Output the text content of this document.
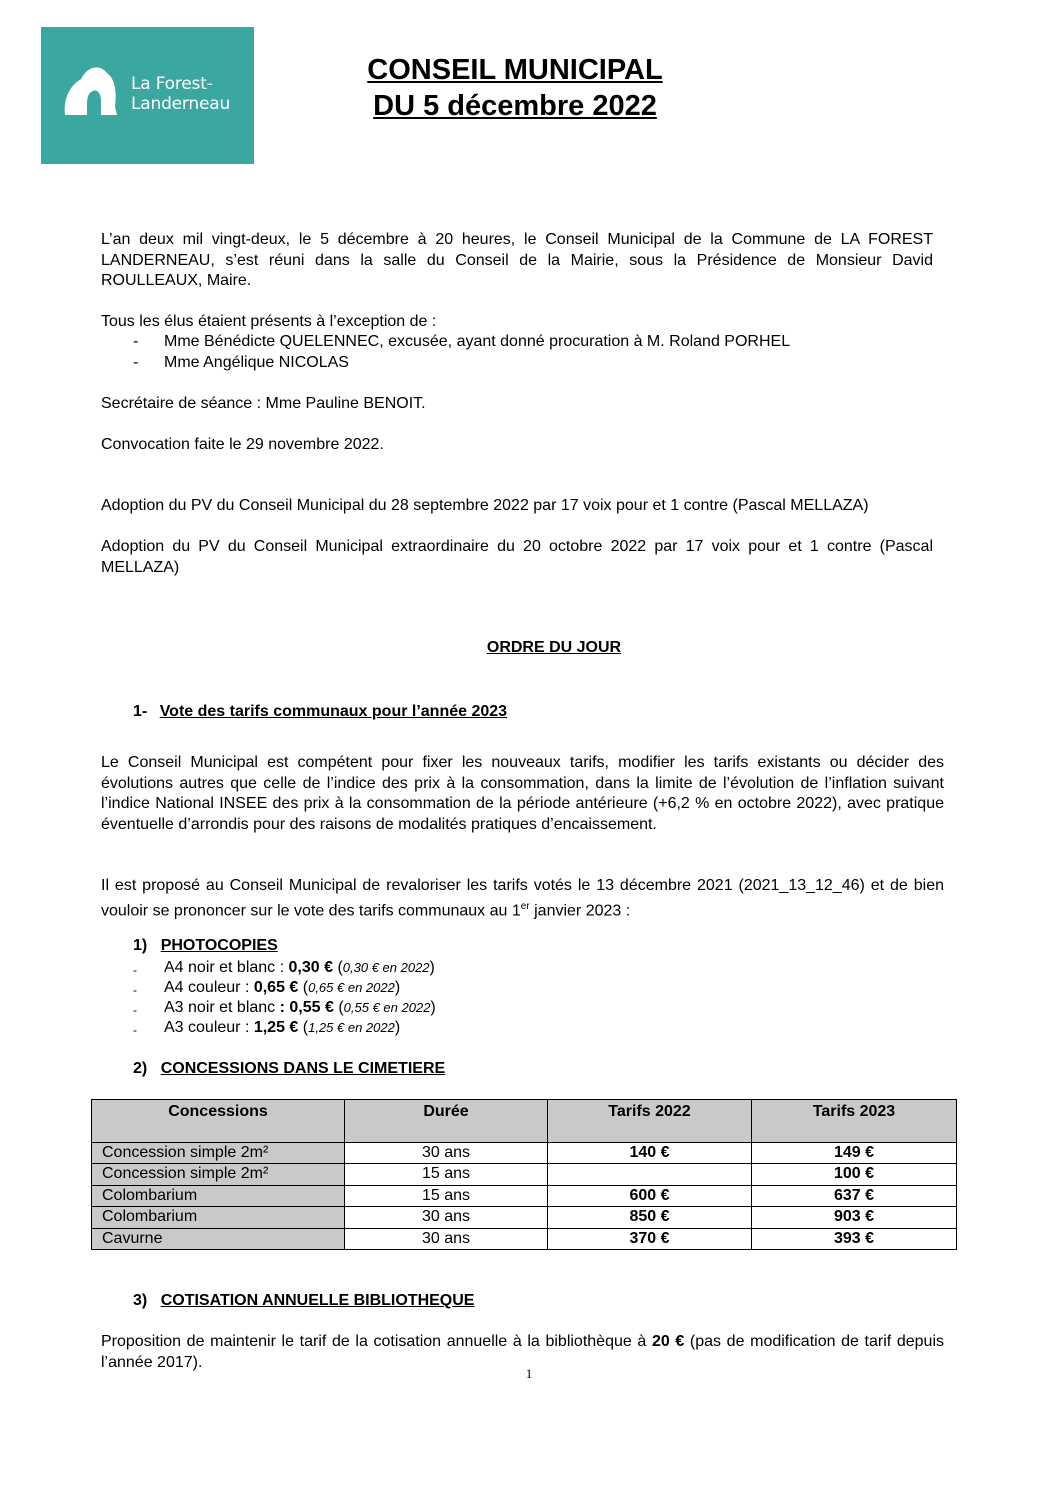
La Forest-
Landerneau
CONSEIL MUNICIPAL
DU 5 décembre 2022
L’an deux mil vingt-deux, le 5 décembre à 20 heures, le Conseil Municipal de la Commune de LA FOREST LANDERNEAU, s’est réuni dans la salle du Conseil de la Mairie, sous la Présidence de Monsieur David ROULLEAUX, Maire.
Tous les élus étaient présents à l’exception de :
- Mme Bénédicte QUELENNEC, excusée, ayant donné procuration à M. Roland PORHEL
- Mme Angélique NICOLAS
Secrétaire de séance : Mme Pauline BENOIT.
Convocation faite le 29 novembre 2022.
Adoption du PV du Conseil Municipal du 28 septembre 2022 par 17 voix pour et 1 contre (Pascal MELLAZA)
Adoption du PV du Conseil Municipal extraordinaire du 20 octobre 2022 par 17 voix pour et 1 contre (Pascal MELLAZA)
ORDRE DU JOUR
1- Vote des tarifs communaux pour l’année 2023
Le Conseil Municipal est compétent pour fixer les nouveaux tarifs, modifier les tarifs existants ou décider des évolutions autres que celle de l’indice des prix à la consommation, dans la limite de l’évolution de l’inflation suivant l’indice National INSEE des prix à la consommation de la période antérieure (+6,2 % en octobre 2022), avec pratique éventuelle d’arrondis pour des raisons de modalités pratiques d’encaissement.
Il est proposé au Conseil Municipal de revaloriser les tarifs votés le 13 décembre 2021 (2021_13_12_46) et de bien vouloir se prononcer sur le vote des tarifs communaux au 1er janvier 2023 :
1) PHOTOCOPIES
- A4 noir et blanc : 0,30 € (0,30 € en 2022)
- A4 couleur : 0,65 € (0,65 € en 2022)
- A3 noir et blanc : 0,55 € (0,55 € en 2022)
- A3 couleur : 1,25 € (1,25 € en 2022)
2) CONCESSIONS DANS LE CIMETIERE
Concessions	Durée	Tarifs 2022	Tarifs 2023
Concession simple 2m²	30 ans	140 €	149 €
Concession simple 2m²	15 ans		100 €
Colombarium	15 ans	600 €	637 €
Colombarium	30 ans	850 €	903 €
Cavurne	30 ans	370 €	393 €
3) COTISATION ANNUELLE BIBLIOTHEQUE
Proposition de maintenir le tarif de la cotisation annuelle à la bibliothèque à 20 € (pas de modification de tarif depuis l’année 2017).
1
